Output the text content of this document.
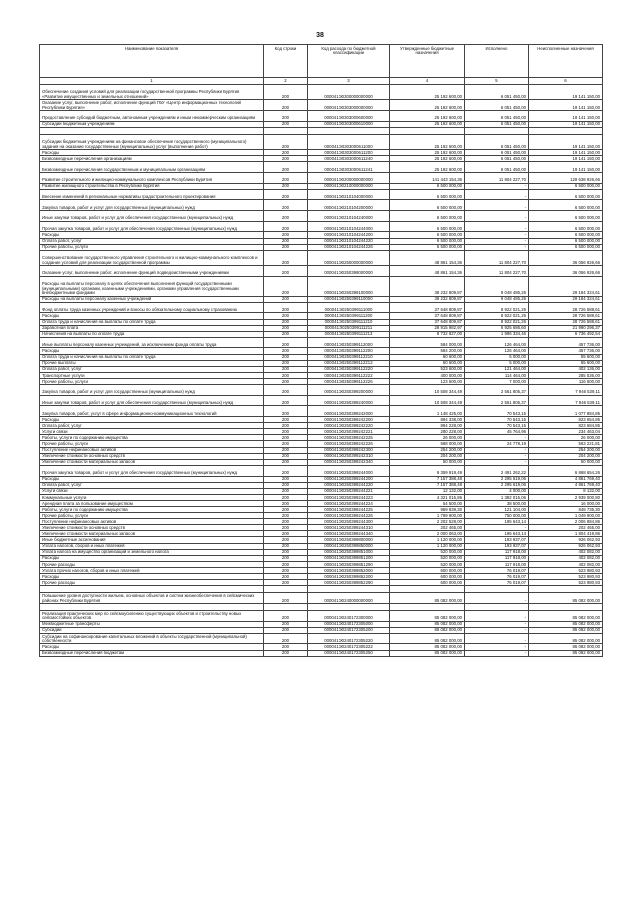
38
Наименование показателя	Код строки	Код расхода по бюджетной классификации	Утвержденные бюджетные назначения	Исполнено	Неисполненные назначения
1	2	3	4	5	6
Обеспечение создания условий для реализации государственной программы Республики Бурятия «Развитие имущественных и земельных отношений»	200	000041Э0300000000000	25 192 600,00	6 051 450,00	19 141 150,00
Оказание услуг, выполнение работ, исполнение функций ГБУ «Центр информационных технологий Республики Бурятия»	200	000041Э0303000000000	25 192 600,00	6 051 450,00	19 141 150,00
Предоставление субсидий бюджетным, автономным учреждениям и иным некоммерческим организациям	200	000041Э0303000600000	25 192 600,00	6 051 450,00	19 141 150,00
Субсидии бюджетным учреждениям	200	000041Э0303000610000	25 192 600,00	6 051 450,00	19 141 150,00

Субсидии бюджетным учреждениям на финансовое обеспечение государственного (муниципального) задания на оказание государственных (муниципальных) услуг (выполнение работ)	200	000041Э0303000611000	25 192 600,00	6 051 450,00	19 141 150,00
Расходы	200	000041Э0303000611200	25 192 600,00	6 051 450,00	19 141 150,00
Безвозмездные перечисления организациям	200	000041Э0303000611240	25 192 600,00	6 051 450,00	19 141 150,00
Безвозмездные перечисления государственным и муниципальным организациям	200	000041Э0303000611241	25 192 600,00	6 051 450,00	19 141 150,00
Развитие строительного и жилищно-коммунального комплексов Республики Бурятия	200	000041Э0200000000000	141 443 154,36	11 804 227,70	129 638 926,66
Развитие жилищного строительства в Республике Бурятия	200	000041Э0210000000000	6 500 000,00	-	6 500 000,00
Внесение изменений в региональные нормативы градостроительного проектирования	200	000041Э0210104000000	6 500 000,00	-	6 500 000,00
Закупка товаров, работ и услуг для государственных (муниципальных) нужд	200	000041Э0210104200000	6 500 000,00	-	6 500 000,00
Иные закупки товаров, работ и услуг для обеспечения государственных (муниципальных) нужд	200	000041Э0210104240000	6 500 000,00	-	6 500 000,00
Прочая закупка товаров, работ и услуг для обеспечения государственных (муниципальных) нужд	200	000041Э0210104244000	6 500 000,00	-	6 500 000,00
Расходы	200	000041Э0210104244200	6 500 000,00	-	6 500 000,00
Оплата работ, услуг	200	000041Э0210104244220	6 500 000,00	-	6 500 000,00
Прочие работы, услуги	200	000041Э0210104244226	6 500 000,00	-	6 500 000,00
Совершенствование государственного управления строительного и жилищно-коммунального комплексов и создание условий для реализации государственной программы	200	000041Э0250000000000	48 861 154,36	11 804 227,70	36 056 926,66
Оказание услуг, выполнение работ, исполнение функций подведомственными учреждениями	200	000041Э0250399000000	48 861 154,36	11 804 227,70	36 056 926,66
Расходы на выплаты персоналу в целях обеспечения выполнения функций государственными (муниципальными) органами, казенными учреждениями, органами управления государственными внебюджетными фондами	200	000041Э0250399100000	38 232 809,87	9 048 485,26	29 184 324,61
Расходы на выплаты персоналу казенных учреждений	200	000041Э0250399110000	38 232 809,87	9 048 485,26	29 184 324,61
Фонд оплаты труда казенных учреждений и взносы по обязательному социальному страхованию	200	000041Э0250399111000	37 648 809,87	8 922 021,26	28 726 588,61
Расходы	200	000041Э0250399111200	37 648 809,87	8 922 021,26	28 726 588,61
Оплата труда и начисления на выплаты по оплате труда	200	000041Э0250399111210	37 648 809,87	8 922 021,26	28 726 588,61
Заработная плата	200	000041Э0250399111211	28 915 982,97	6 925 686,60	21 990 296,37
Начисления на выплаты по оплате труда	200	000041Э0250399111213	8 732 827,00	1 996 334,46	6 736 492,54
Иные выплаты персоналу казенных учреждений, за исключением фонда оплаты труда	200	000041Э0250399112000	584 000,00	126 464,00	457 736,00
Расходы	200	000041Э0250399112200	584 200,00	126 464,00	457 736,00
Оплата труда и начисления на выплаты по оплате труда	200	000041Э0250399112210	60 600,00	5 000,00	55 600,00
Прочие выплаты	200	000041Э0250399112212	60 600,00	5 000,00	55 600,00
Оплата работ, услуг	200	000041Э0250399112220	523 600,00	121 464,00	402 136,00
Транспортные услуги	200	000041Э0250399112222	400 000,00	114 464,00	285 536,00
Прочие работы, услуги	200	000041Э0250399112226	123 600,00	7 000,00	116 600,00
Закупка товаров, работ и услуг для государственных (муниципальных) нужд	200	000041Э0250399200000	10 508 344,49	2 561 805,37	7 946 539,11
Иные закупки товаров, работ и услуг для обеспечения государственных (муниципальных) нужд	200	000041Э0250399240000	10 508 344,49	2 561 805,37	7 946 539,11
Закупка товаров, работ, услуг в сфере информационно-коммуникационных технологий	200	000041Э0250399242000	1 148 425,00	70 543,15	1 077 884,85
Расходы	200	000041Э0250399242200	894 338,00	70 543,15	823 654,85
Оплата работ, услуг	200	000041Э0250399242220	894 228,00	70 543,15	823 684,85
Услуги связи	200	000041Э0250399242221	280 228,00	45 764,96	234 463,04
Работы, услуги по содержанию имущества	200	000041Э0250399242225	26 000,00	-	26 000,00
Прочие работы, услуги	200	000041Э0250399242226	588 000,00	24 778,19	563 221,81
Поступление нефинансовых активов	200	000041Э0250399242300	254 200,00	-	254 200,00
Увеличение стоимости основных средств	200	000041Э0250399242310	204 200,00	-	204 200,00
Увеличение стоимости материальных запасов	200	000041Э0250399242340	50 000,00	-	50 000,00
Прочая закупка товаров, работ и услуг для обеспечения государственных (муниципальных) нужд	200	000041Э0250399244000	9 359 919,49	2 491 262,22	6 868 654,26
Расходы	200	000041Э0250399244200	7 157 388,48	2 295 619,06	4 861 769,40
Оплата работ, услуг	200	000041Э0250399244220	7 157 388,48	2 295 619,06	4 861 769,40
Услуги связи	200	000041Э0250399244221	12 132,00	4 000,00	8 132,00
Коммунальные услуги	200	000041Э0250399244223	4 321 015,86	1 382 015,06	2 939 000,80
Арендная плата за пользование имуществом	200	000041Э0250399244224	54 500,00	38 500,00	16 000,00
Работы, услуги по содержанию имущества	200	000041Э0250399244225	969 839,30	121 104,00	848 735,30
Прочие работы, услуги	200	000041Э0250399244226	1 799 900,00	750 000,00	1 049 900,00
Поступление нефинансовых активов	200	000041Э0250399244300	2 202 528,00	195 643,14	2 006 884,86
Увеличение стоимости основных средств	200	000041Э0250399244310	202 465,00	-	202 465,00
Увеличение стоимости материальных запасов	200	000041Э0250399244340	2 000 063,00	195 643,14	1 804 419,86
Иные бюджетные ассигнования	200	000041Э0250399800000	1 120 000,00	193 937,07	926 062,93
Уплата налогов, сборов и иных платежей	200	000041Э0250399850000	1 120 000,00	193 937,07	926 062,93
Уплата налога на имущество организаций и земельного налога	200	000041Э0250399851000	520 000,00	117 918,00	402 082,00
Расходы	200	000041Э0250399851200	520 000,00	117 918,00	402 082,00
Прочие расходы	200	000041Э0250399851290	520 000,00	117 918,00	402 082,00
Уплата прочих налогов, сборов и иных платежей	200	000041Э0250399852000	600 000,00	76 019,07	523 980,93
Расходы	200	000041Э0250399852200	600 000,00	76 019,07	523 980,93
Прочие расходы	200	000041Э0250399852290	600 000,00	76 019,07	523 980,93

Повышение уровня доступности жильем, основных объектов и систем жизнеобеспечения в сейсмических районах Республики Бурятия	200	000041Э0240000000000	85 082 000,00	-	85 082 000,00

Реализация практических мер по сейсмоусилению существующих объектов и строительству новых сейсмостойких объектов	200	000041Э0240172300000	85 082 000,00	-	85 082 000,00
Межбюджетные трансферты	200	000041Э0240172305000	85 082 000,00	-	85 082 000,00
Субсидии	200	000041Э0240172305200	85 082 000,00	-	85 082 000,00
Субсидии на софинансирование капитальных вложений в объекты государственной (муниципальной) собственности	200	000041Э0240172305220	85 082 000,00	-	85 082 000,00
Расходы	200	000041Э0240172305222	85 082 000,00	-	85 082 000,00
Безвозмездные перечисления бюджетам	200	000041Э0240172305250	85 082 000,00	-	85 082 000,00
